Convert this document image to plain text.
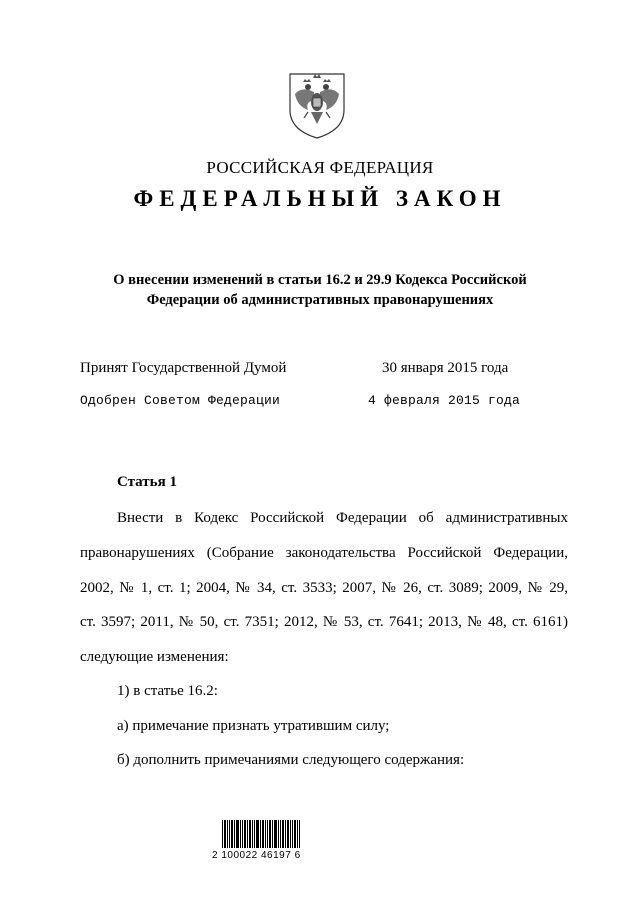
РОССИЙСКАЯ ФЕДЕРАЦИЯ
ФЕДЕРАЛЬНЫЙ ЗАКОН
О внесении изменений в статьи 16.2 и 29.9 Кодекса Российской
Федерации об административных правонарушениях
Принят Государственной Думой	30 января 2015 года
Одобрен Советом Федерации	4 февраля 2015 года
Статья 1
Внести в Кодекс Российской Федерации об административных
правонарушениях (Собрание законодательства Российской Федерации,
2002, № 1, ст. 1; 2004, № 34, ст. 3533; 2007, № 26, ст. 3089; 2009, № 29,
ст. 3597; 2011, № 50, ст. 7351; 2012, № 53, ст. 7641; 2013, № 48, ст. 6161)
следующие изменения:
1) в статье 16.2:
а) примечание признать утратившим силу;
б) дополнить примечаниями следующего содержания:
2 100022 46197 6
